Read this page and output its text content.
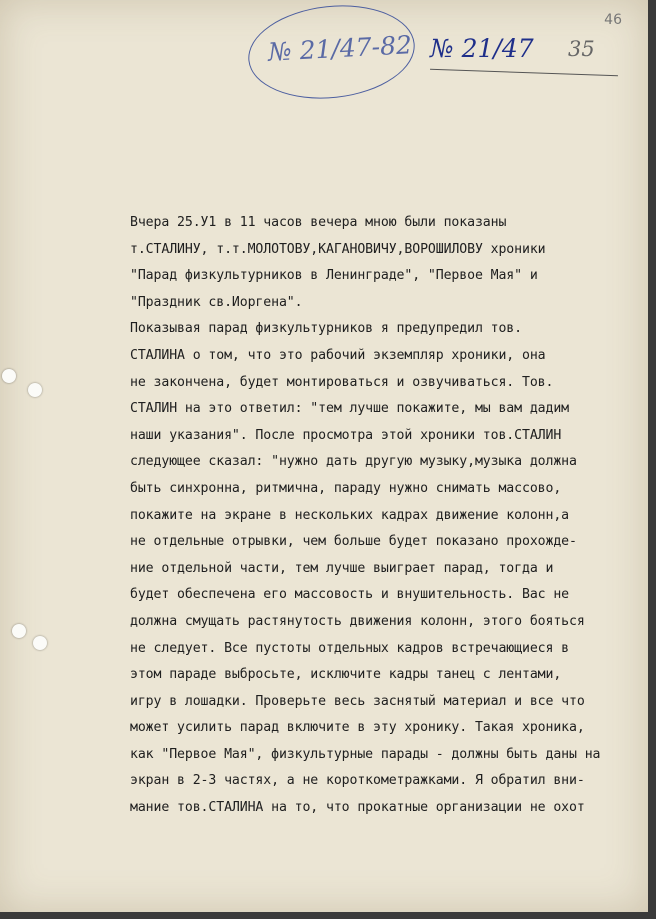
46
№ 21/47-82 № 21/47 35
Вчера 25.У1 в 11 часов вечера мною были показаны
т.СТАЛИНУ, т.т.МОЛОТОВУ,КАГАНОВИЧУ,ВОРОШИЛОВУ хроники
"Парад физкультурников в Ленинграде", "Первое Мая" и
"Праздник св.Иоргена".
Показывая парад физкультурников я предупредил тов.
СТАЛИНА о том, что это рабочий экземпляр хроники, она
не закончена, будет монтироваться и озвучиваться. Тов.
СТАЛИН на это ответил: "тем лучше покажите, мы вам дадим
наши указания". После просмотра этой хроники тов.СТАЛИН
следующее сказал: "нужно дать другую музыку,музыка должна
быть синхронна, ритмична, параду нужно снимать массово,
покажите на экране в нескольких кадрах движение колонн,а
не отдельные отрывки, чем больше будет показано прохожде-
ние отдельной части, тем лучше выиграет парад, тогда и
будет обеспечена его массовость и внушительность. Вас не
должна смущать растянутость движения колонн, этого бояться
не следует. Все пустоты отдельных кадров встречающиеся в
этом параде выбросьте, исключите кадры танец с лентами,
игру в лошадки. Проверьте весь заснятый материал и все что
может усилить парад включите в эту хронику. Такая хроника,
как "Первое Мая", физкультурные парады - должны быть даны на
экран в 2-3 частях, а не короткометражками. Я обратил вни-
мание тов.СТАЛИНА на то, что прокатные организации не охот
